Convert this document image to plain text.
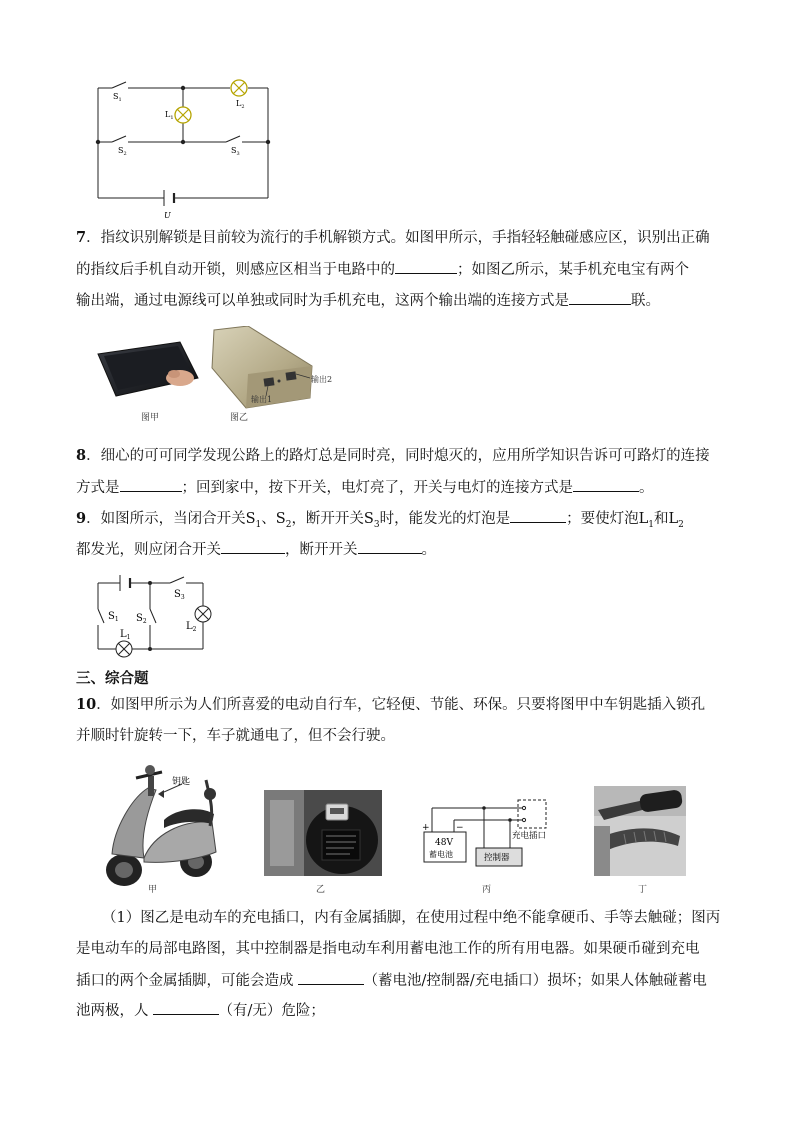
$S_1$	$L_2$
$L_1$
$S_2$	$S_3$
U
7．指纹识别解锁是目前较为流行的手机解锁方式。如图甲所示，手指轻轻触碰感应区，识别出正确
的指纹后手机自动开锁，则感应区相当于电路中的	；如图乙所示，某手机充电宝有两个
输出端，通过电源线可以单独或同时为手机充电，这两个输出端的连接方式是	联。
图甲
输出1
输出2
图乙
8．细心的可可同学发现公路上的路灯总是同时亮，同时熄灭的，应用所学知识告诉可可路灯的连接
方式是	；回到家中，按下开关，电灯亮了，开关与电灯的连接方式是	。
9．如图所示，当闭合开关$S_1$、$S_2$，断开开关$S_3$时，能发光的灯泡是	；要使灯泡$L_1$和$L_2$
都发光，则应闭合开关	，断开开关	。
$S_1$ $S_2$
$S_3$
$L_2$
$L_1$
三、综合题
10．如图甲所示为人们所喜爱的电动自行车，它轻便、节能、环保。只要将图甲中车钥匙插入锁孔
并顺时针旋转一下，车子就通电了，但不会行驶。
钥匙
甲	乙
+	−
48V
蓄电池	控制器
充电插口
丙	丁
（1）图乙是电动车的充电插口，内有金属插脚，在使用过程中绝不能拿硬币、手等去触碰；图丙
是电动车的局部电路图，其中控制器是指电动车利用蓄电池工作的所有用电器。如果硬币碰到充电
插口的两个金属插脚，可能会造成	（蓄电池/控制器/充电插口）损坏；如果人体触碰蓄电
池两极，人	（有/无）危险；
